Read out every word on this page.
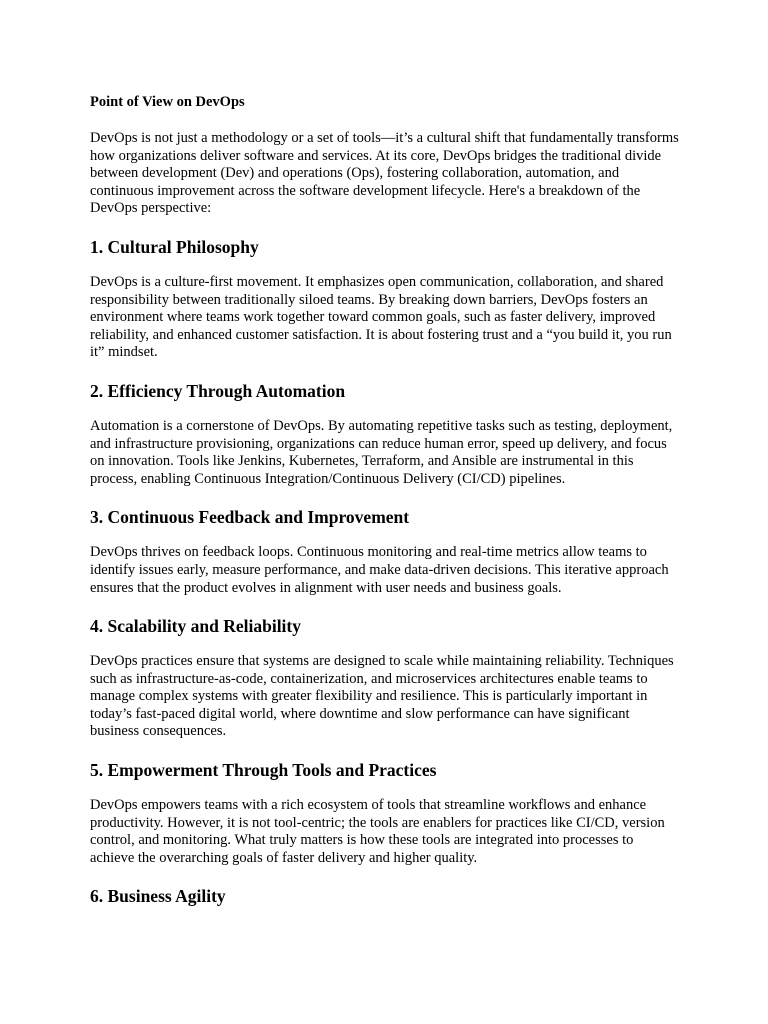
Point of View on DevOps

DevOps is not just a methodology or a set of tools—it’s a cultural shift that fundamentally transforms how organizations deliver software and services. At its core, DevOps bridges the traditional divide between development (Dev) and operations (Ops), fostering collaboration, automation, and continuous improvement across the software development lifecycle. Here's a breakdown of the DevOps perspective:

1. Cultural Philosophy

DevOps is a culture-first movement. It emphasizes open communication, collaboration, and shared responsibility between traditionally siloed teams. By breaking down barriers, DevOps fosters an environment where teams work together toward common goals, such as faster delivery, improved reliability, and enhanced customer satisfaction. It is about fostering trust and a “you build it, you run it” mindset.

2. Efficiency Through Automation

Automation is a cornerstone of DevOps. By automating repetitive tasks such as testing, deployment, and infrastructure provisioning, organizations can reduce human error, speed up delivery, and focus on innovation. Tools like Jenkins, Kubernetes, Terraform, and Ansible are instrumental in this process, enabling Continuous Integration/Continuous Delivery (CI/CD) pipelines.

3. Continuous Feedback and Improvement

DevOps thrives on feedback loops. Continuous monitoring and real-time metrics allow teams to identify issues early, measure performance, and make data-driven decisions. This iterative approach ensures that the product evolves in alignment with user needs and business goals.

4. Scalability and Reliability

DevOps practices ensure that systems are designed to scale while maintaining reliability. Techniques such as infrastructure-as-code, containerization, and microservices architectures enable teams to manage complex systems with greater flexibility and resilience. This is particularly important in today’s fast-paced digital world, where downtime and slow performance can have significant business consequences.

5. Empowerment Through Tools and Practices

DevOps empowers teams with a rich ecosystem of tools that streamline workflows and enhance productivity. However, it is not tool-centric; the tools are enablers for practices like CI/CD, version control, and monitoring. What truly matters is how these tools are integrated into processes to achieve the overarching goals of faster delivery and higher quality.

6. Business Agility
